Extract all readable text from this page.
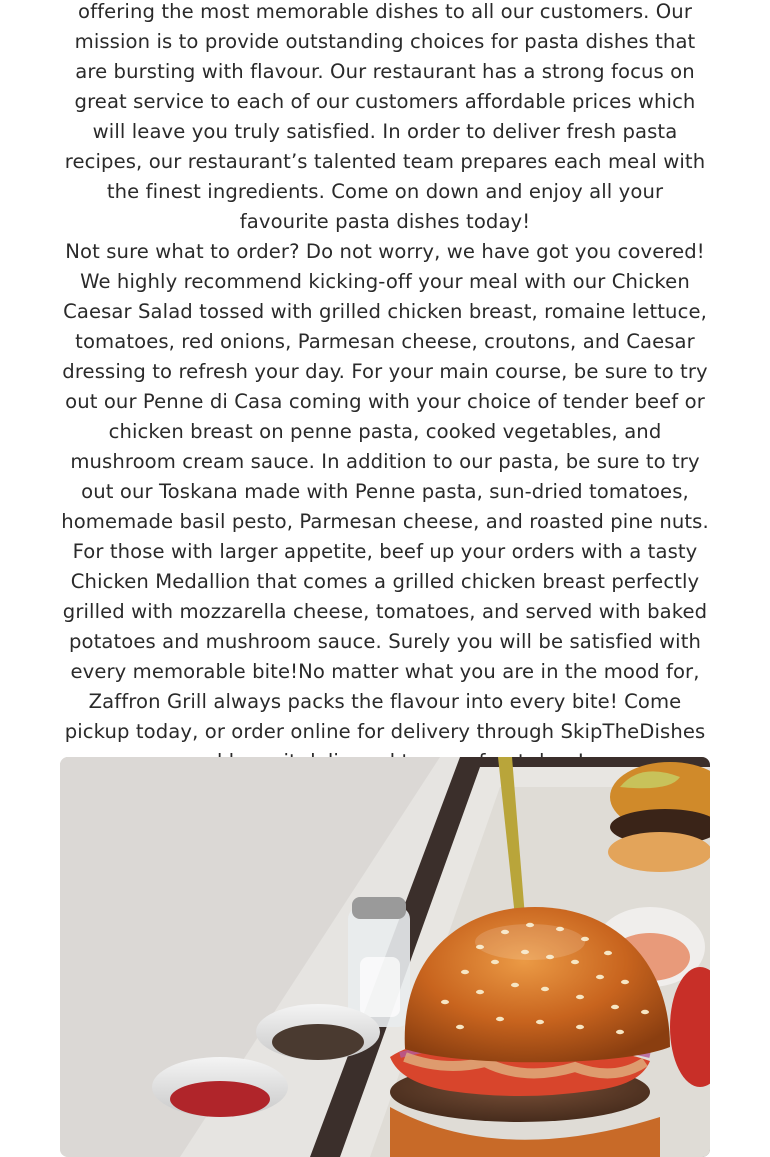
offering the most memorable dishes to all our customers. Our mission is to provide outstanding choices for pasta dishes that are bursting with flavour. Our restaurant has a strong focus on great service to each of our customers affordable prices which will leave you truly satisfied. In order to deliver fresh pasta recipes, our restaurant’s talented team prepares each meal with the finest ingredients. Come on down and enjoy all your favourite pasta dishes today!

Not sure what to order? Do not worry, we have got you covered! We highly recommend kicking-off your meal with our Chicken Caesar Salad tossed with grilled chicken breast, romaine lettuce, tomatoes, red onions, Parmesan cheese, croutons, and Caesar dressing to refresh your day. For your main course, be sure to try out our Penne di Casa coming with your choice of tender beef or chicken breast on penne pasta, cooked vegetables, and mushroom cream sauce. In addition to our pasta, be sure to try out our Toskana made with Penne pasta, sun-dried tomatoes, homemade basil pesto, Parmesan cheese, and roasted pine nuts. For those with larger appetite, beef up your orders with a tasty Chicken Medallion that comes a grilled chicken breast perfectly grilled with mozzarella cheese, tomatoes, and served with baked potatoes and mushroom sauce. Surely you will be satisfied with every memorable bite!No matter what you are in the mood for, Zaffron Grill always packs the flavour into every bite! Come pickup today, or order online for delivery through SkipTheDishes
